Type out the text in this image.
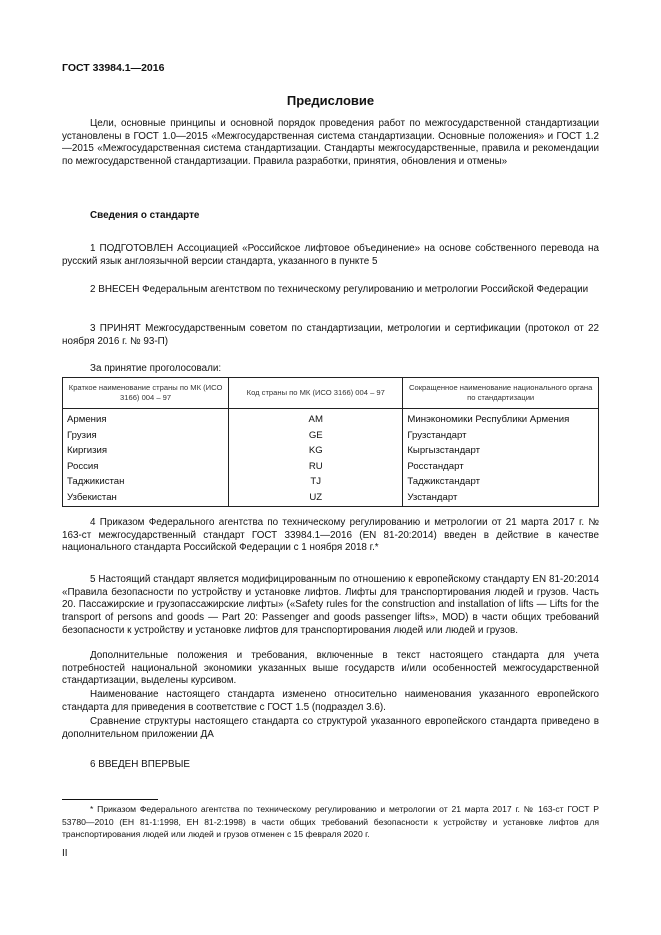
ГОСТ 33984.1—2016
Предисловие

Цели, основные принципы и основной порядок проведения работ по межгосударственной стандартизации установлены в ГОСТ 1.0—2015 «Межгосударственная система стандартизации. Основные положения» и ГОСТ 1.2—2015 «Межгосударственная система стандартизации. Стандарты межгосударственные, правила и рекомендации по межгосударственной стандартизации. Правила разработки, принятия, обновления и отмены»

Сведения о стандарте

1 ПОДГОТОВЛЕН Ассоциацией «Российское лифтовое объединение» на основе собственного перевода на русский язык англоязычной версии стандарта, указанного в пункте 5

2 ВНЕСЕН Федеральным агентством по техническому регулированию и метрологии Российской Федерации

3 ПРИНЯТ Межгосударственным советом по стандартизации, метрологии и сертификации (протокол от 22 ноября 2016 г. № 93-П)

За принятие проголосовали:

Краткое наименование страны по МК (ИСО 3166) 004 – 97	Код страны по МК (ИСО 3166) 004 – 97	Сокращенное наименование национального органа по стандартизации
Армения	AM	Минэкономики Республики Армения
Грузия	GE	Грузстандарт
Киргизия	KG	Кыргызстандарт
Россия	RU	Росстандарт
Таджикистан	TJ	Таджикстандарт
Узбекистан	UZ	Узстандарт

4 Приказом Федерального агентства по техническому регулированию и метрологии от 21 марта 2017 г. № 163-ст межгосударственный стандарт ГОСТ 33984.1—2016 (EN 81-20:2014) введен в действие в качестве национального стандарта Российской Федерации с 1 ноября 2018 г.*

5 Настоящий стандарт является модифицированным по отношению к европейскому стандарту EN 81-20:2014 «Правила безопасности по устройству и установке лифтов. Лифты для транспортирования людей и грузов. Часть 20. Пассажирские и грузопассажирские лифты» («Safety rules for the construction and installation of lifts — Lifts for the transport of persons and goods — Part 20: Passenger and goods passenger lifts», MOD) в части общих требований безопасности к устройству и установке лифтов для транспортирования людей или людей и грузов.

Дополнительные положения и требования, включенные в текст настоящего стандарта для учета потребностей национальной экономики указанных выше государств и/или особенностей межгосударственной стандартизации, выделены курсивом.

Наименование настоящего стандарта изменено относительно наименования указанного европейского стандарта для приведения в соответствие с ГОСТ 1.5 (подраздел 3.6).

Сравнение структуры настоящего стандарта со структурой указанного европейского стандарта приведено в дополнительном приложении ДА

6 ВВЕДЕН ВПЕРВЫЕ

* Приказом Федерального агентства по техническому регулированию и метрологии от 21 марта 2017 г. № 163-ст ГОСТ Р 53780—2010 (ЕН 81-1:1998, ЕН 81-2:1998) в части общих требований безопасности к устройству и установке лифтов для транспортирования людей или людей и грузов отменен с 15 февраля 2020 г.

II
